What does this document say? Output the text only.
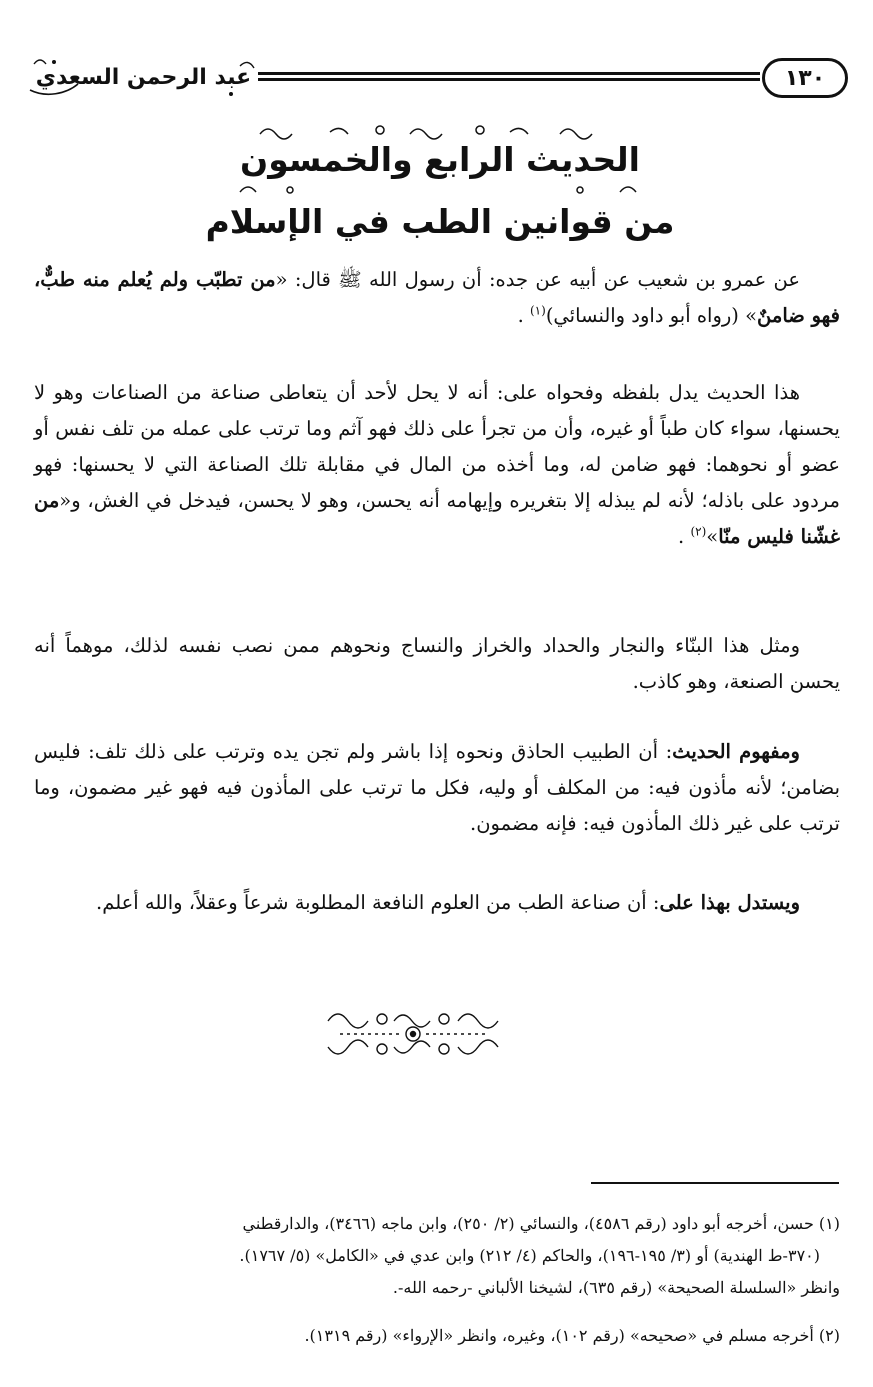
عبد الرحمن السعدي	١٣٠
الحديث الرابع والخمسون
من قوانين الطب في الإسلام

عن عمرو بن شعيب عن أبيه عن جده: أن رسول الله ﷺ قال: «من تطبّب ولم يُعلم منه طبٌّ، فهو ضامنٌ» (رواه أبو داود والنسائي)$^{(١)}$ .

هذا الحديث يدل بلفظه وفحواه على: أنه لا يحل لأحد أن يتعاطى صناعة من الصناعات وهو لا يحسنها، سواء كان طباً أو غيره، وأن من تجرأ على ذلك فهو آثم وما ترتب على عمله من تلف نفس أو عضو أو نحوهما: فهو ضامن له، وما أخذه من المال في مقابلة تلك الصناعة التي لا يحسنها: فهو مردود على باذله؛ لأنه لم يبذله إلا بتغريره وإيهامه أنه يحسن، وهو لا يحسن، فيدخل في الغش، و«من غشّنا فليس منّا»$^{(٢)}$ .

ومثل هذا البنّاء والنجار والحداد والخراز والنساج ونحوهم ممن نصب نفسه لذلك، موهماً أنه يحسن الصنعة، وهو كاذب.

ومفهوم الحديث: أن الطبيب الحاذق ونحوه إذا باشر ولم تجن يده وترتب على ذلك تلف: فليس بضامن؛ لأنه مأذون فيه: من المكلف أو وليه، فكل ما ترتب على المأذون فيه فهو غير مضمون، وما ترتب على غير ذلك المأذون فيه: فإنه مضمون.

ويستدل بهذا على: أن صناعة الطب من العلوم النافعة المطلوبة شرعاً وعقلاً، والله أعلم.

(١) حسن، أخرجه أبو داود (رقم ٤٥٨٦)، والنسائي (٢/ ٢٥٠)، وابن ماجه (٣٤٦٦)، والدارقطني

(٣٧٠-ط الهندية) أو (٣/ ١٩٥-١٩٦)، والحاكم (٤/ ٢١٢) وابن عدي في «الكامل» (٥/ ١٧٦٧).
وانظر «السلسلة الصحيحة» (رقم ٦٣٥)، لشيخنا الألباني -رحمه الله-.

(٢) أخرجه مسلم في «صحيحه» (رقم ١٠٢)، وغيره، وانظر «الإرواء» (رقم ١٣١٩).
